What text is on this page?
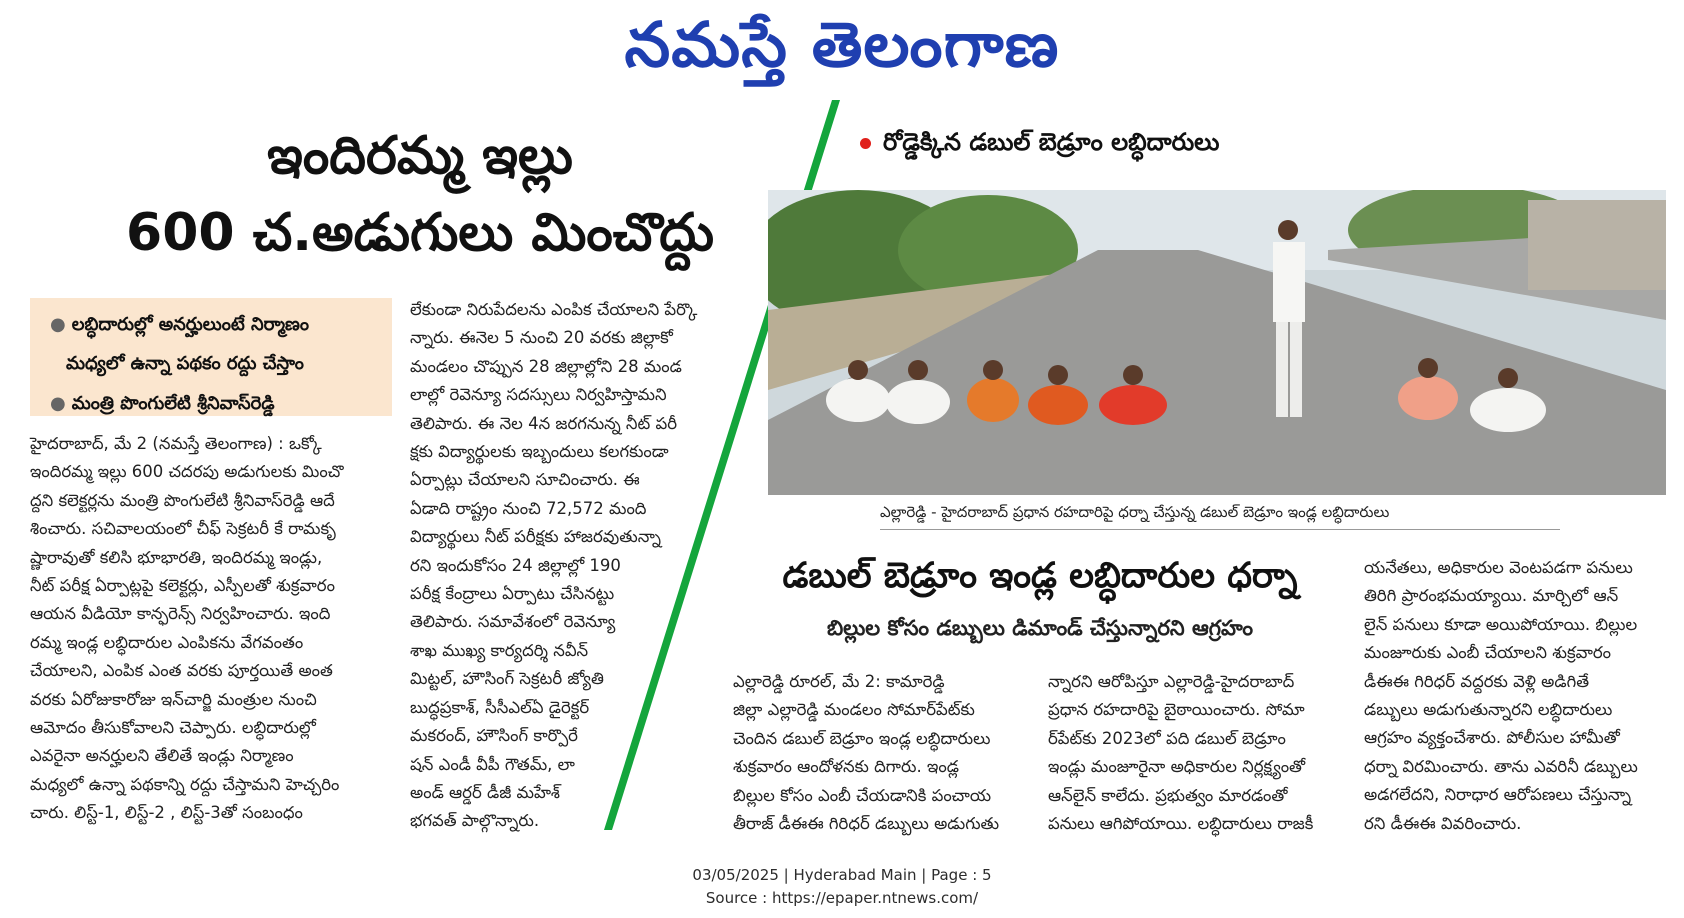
నమస్తే తెలంగాణ
ఇందిరమ్మ ఇల్లు
600 చ.అడుగులు మించొద్దు
● లబ్ధిదారుల్లో అనర్హులుంటే నిర్మాణం
మధ్యలో ఉన్నా పథకం రద్దు చేస్తాం
● మంత్రి పొంగులేటి శ్రీనివాస్‌రెడ్డి

హైదరాబాద్, మే 2 (నమస్తే తెలంగాణ) : ఒక్కో

ఇందిరమ్మ ఇల్లు 600 చదరపు అడుగులకు మించొ

ద్దని కలెక్టర్లను మంత్రి పొంగులేటి శ్రీనివాస్‌రెడ్డి ఆదే

శించారు. సచివాలయంలో చీఫ్ సెక్రటరీ కే రామకృ

ష్ణారావుతో కలిసి భూభారతి, ఇందిరమ్మ ఇండ్లు,

నీట్ పరీక్ష ఏర్పాట్లపై కలెక్టర్లు, ఎస్పీలతో శుక్రవారం

ఆయన వీడియో కాన్ఫరెన్స్ నిర్వహించారు. ఇంది

రమ్మ ఇండ్ల లబ్ధిదారుల ఎంపికను వేగవంతం

చేయాలని, ఎంపిక ఎంత వరకు పూర్తయితే అంత

వరకు ఏరోజుకారోజు ఇన్‌చార్జి మంత్రుల నుంచి

ఆమోదం తీసుకోవాలని చెప్పారు. లబ్ధిదారుల్లో

ఎవరైనా అనర్హులని తేలితే ఇండ్లు నిర్మాణం

మధ్యలో ఉన్నా పథకాన్ని రద్దు చేస్తామని హెచ్చరిం

చారు. లిస్ట్-1, లిస్ట్-2 , లిస్ట్-3తో సంబంధం

లేకుండా నిరుపేదలను ఎంపిక చేయాలని పేర్కొ

న్నారు. ఈనెల 5 నుంచి 20 వరకు జిల్లాకో

మండలం చొప్పున 28 జిల్లాల్లోని 28 మండ

లాల్లో రెవెన్యూ సదస్సులు నిర్వహిస్తామని

తెలిపారు. ఈ నెల 4న జరగనున్న నీట్ పరీ

క్షకు విద్యార్థులకు ఇబ్బందులు కలగకుండా

ఏర్పాట్లు చేయాలని సూచించారు. ఈ

ఏడాది రాష్ట్రం నుంచి 72,572 మంది

విద్యార్థులు నీట్ పరీక్షకు హాజరవుతున్నా

రని ఇందుకోసం 24 జిల్లాల్లో 190

పరీక్ష కేంద్రాలు ఏర్పాటు చేసినట్టు

తెలిపారు. సమావేశంలో రెవెన్యూ

శాఖ ముఖ్య కార్యదర్శి నవీన్

మిట్టల్, హౌసింగ్ సెక్రటరీ జ్యోతి

బుద్ధప్రకాశ్, సీసీఎల్ఏ డైరెక్టర్

మకరంద్, హౌసింగ్ కార్పొరే

షన్ ఎండీ వీపీ గౌతమ్, లా

అండ్ ఆర్డర్ డీజీ మహేశ్

భగవత్ పాల్గొన్నారు.

రోడ్డెక్కిన డబుల్ బెడ్రూం లబ్ధిదారులు
ఎల్లారెడ్డి - హైదరాబాద్ ప్రధాన రహదారిపై ధర్నా చేస్తున్న డబుల్ బెడ్రూం ఇండ్ల లబ్ధిదారులు
డబుల్ బెడ్రూం ఇండ్ల లబ్ధిదారుల ధర్నా
బిల్లుల కోసం డబ్బులు డిమాండ్ చేస్తున్నారని ఆగ్రహం

ఎల్లారెడ్డి రూరల్, మే 2: కామారెడ్డి

జిల్లా ఎల్లారెడ్డి మండలం సోమార్‌పేట్‌కు

చెందిన డబుల్ బెడ్రూం ఇండ్ల లబ్ధిదారులు

శుక్రవారం ఆందోళనకు దిగారు. ఇండ్ల

బిల్లుల కోసం ఎంబీ చేయడానికి పంచాయ

తీరాజ్ డీఈఈ గిరిధర్ డబ్బులు అడుగుతు

న్నారని ఆరోపిస్తూ ఎల్లారెడ్డి-హైదరాబాద్

ప్రధాన రహదారిపై బైఠాయించారు. సోమా

ర్‌పేట్‌కు 2023లో పది డబుల్ బెడ్రూం

ఇండ్లు మంజూరైనా అధికారుల నిర్లక్ష్యంతో

ఆన్‌లైన్ కాలేదు. ప్రభుత్వం మారడంతో

పనులు ఆగిపోయాయి. లబ్ధిదారులు రాజకీ

యనేతలు, అధికారుల వెంటపడగా పనులు

తిరిగి ప్రారంభమయ్యాయి. మార్చిలో ఆన్

లైన్ పనులు కూడా అయిపోయాయి. బిల్లుల

మంజూరుకు ఎంబీ చేయాలని శుక్రవారం

డీఈఈ గిరిధర్ వద్దరకు వెళ్లి అడిగితే

డబ్బులు అడుగుతున్నారని లబ్ధిదారులు

ఆగ్రహం వ్యక్తంచేశారు. పోలీసుల హామీతో

ధర్నా విరమించారు. తాను ఎవరినీ డబ్బులు

అడగలేదని, నిరాధార ఆరోపణలు చేస్తున్నా

రని డీఈఈ వివరించారు.

03/05/2025 | Hyderabad Main | Page : 5
Source : https://epaper.ntnews.com/
